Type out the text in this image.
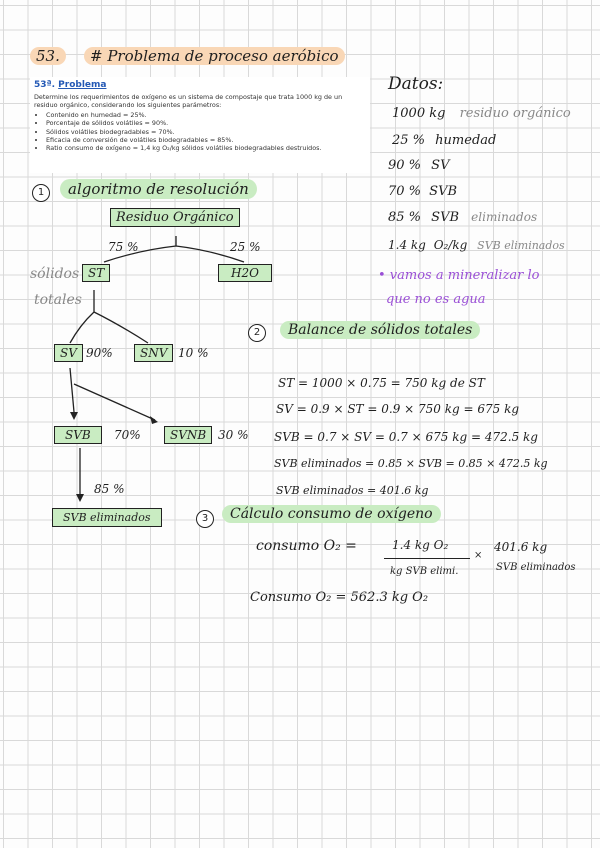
53.	# Problema de proceso aeróbico
53ª. Problema

Determine los requerimientos de oxígeno es un sistema de compostaje que trata 1000 kg de un residuo orgánico, considerando los siguientes parámetros:

• Contenido en humedad = 25%.
• Porcentaje de sólidos volátiles = 90%.
• Sólidos volátiles biodegradables = 70%.
• Eficacia de conversión de volátiles biodegradables = 85%.
• Ratio consumo de oxígeno = 1,4 kg O₂/kg sólidos volátiles biodegradables destruidos.
Datos:
1000 kg residuo orgánico
25 % humedad
90 % SV
70 % SVB
85 % SVB eliminados
1.4 kg O₂/kg SVB eliminados
• vamos a mineralizar lo
que no es agua
1	algoritmo de resolución
Residuo Orgánico
75 %	25 %
sólidos
totales
ST	H2O
SV 90%	SNV 10 %
SVB	70%	SVNB 30 %
85 %
SVB eliminados
2	Balance de sólidos totales
ST = 1000 × 0.75 = 750 kg de ST
SV = 0.9 × ST = 0.9 × 750 kg = 675 kg
SVB = 0.7 × SV = 0.7 × 675 kg = 472.5 kg
SVB eliminados = 0.85 × SVB = 0.85 × 472.5 kg
SVB eliminados = 401.6 kg
3	Cálculo consumo de oxígeno
consumo O₂ =	1.4 kg O₂
kg SVB elimi.
×
401.6 kg
SVB eliminados
Consumo O₂ = 562.3 kg O₂
